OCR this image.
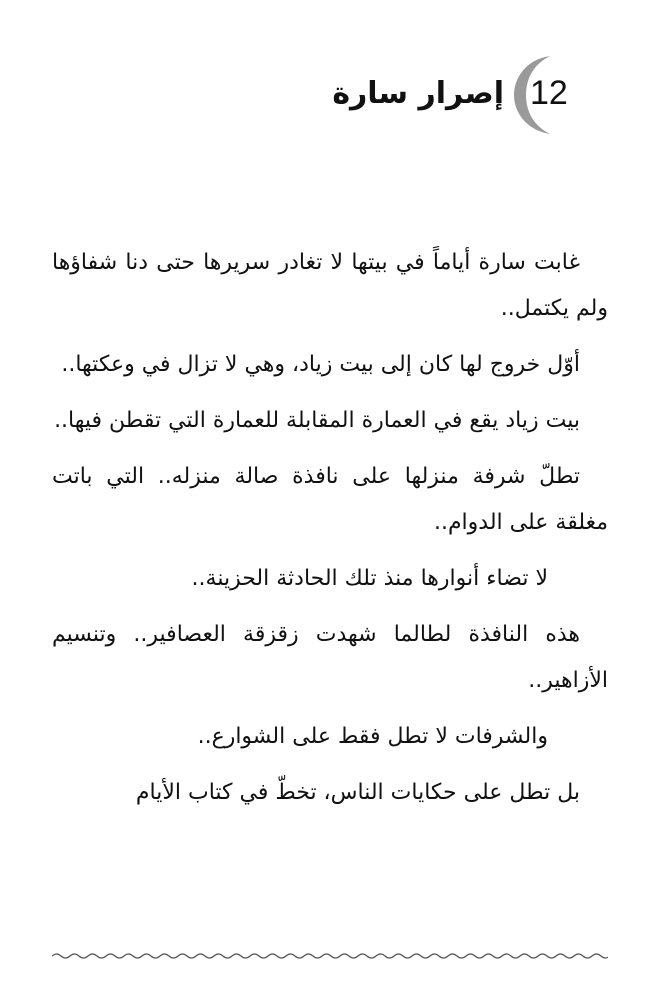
إصرار سارة 12

غابت سارة أياماً في بيتها لا تغادر سريرها حتى دنا شفاؤها ولم يكتمل..

أوّل خروج لها كان إلى بيت زياد، وهي لا تزال في وعكتها..

بيت زياد يقع في العمارة المقابلة للعمارة التي تقطن فيها..

تطلّ شرفة منزلها على نافذة صالة منزله.. التي باتت مغلقة على الدوام..

لا تضاء أنوارها منذ تلك الحادثة الحزينة..

هذه النافذة لطالما شهدت زقزقة العصافير.. وتنسيم الأزاهير..

والشرفات لا تطل فقط على الشوارع..

بل تطل على حكايات الناس، تخطّ في كتاب الأيام
